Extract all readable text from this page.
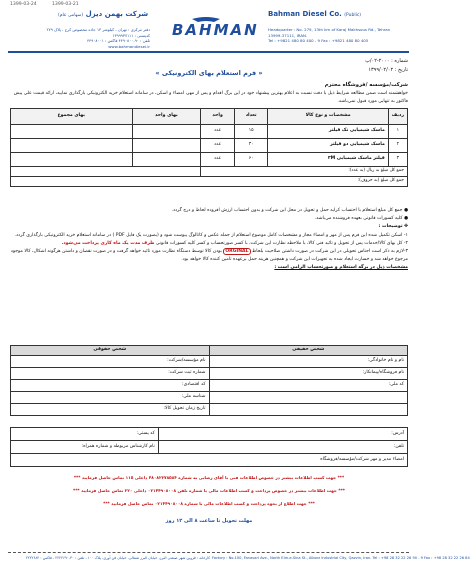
1399-03-24	1399-03-21
شرکت بهمن دیزل (سهامی عام)	Bahman Diesel Co. (Public)
BAHMAN
دفتر مرکزی : تهران ، کیلومتر ۱۳ جاده مخصوص کرج ، پلاک ۲۷۹
کدپستی : ۱۳۹۹۹۳۷۱۱۱
تلفن : ۹۰-۴۴۹۰۸۰۰ فاکس : ۴۴۹۰۸۰۰۱
www.bahmandiesel.ir
Headquarter : No. 279, 13th km of Karaj Makhsous Rd., Tehran
13999-37111, IRAN.
Tel : +9821 480 80 400 - 9 Fax : +9821 480 80 405
شماره : ۲۰۰۰-۰۲/پ
تاریخ : ۱۳۹۹/۰۲/۰۲
« فرم استعلام بهای الکترونیکی »
شرکت/مؤسسه /فروشگاه محترم
خواهشمند است ضمن مطالعه شرایط ذیل با دقت نسبت به اعلام بهترین پیشنهاد خود در این برگ اقدام و پس از مهر، امضاء و اسکن، در سامانه استعلام خرید الکترونیکی بارگذاری نمایید، ارائه قیمت علی پیش فاکتور به تنهایی مورد قبول نمی‌باشد.
ردیف	مشخصات و نوع کالا	تعداد	واحد	بهای واحد	بهای مجموع
۱	ماسک شیمیایی تک فیلتر	۱۵	عدد		
۲	ماسک شیمیایی دو فیلتر	۳۰	عدد		
۳	فیلتر ماسک شیمیایی ۳M	۶۰	عدد		
جمع کل مبلغ به ریال (به عدد):					
جمع کل مبلغ (به حروف):					
● جمع کل مبلغ استعلام با احتساب کرایه حمل و تحویل در محل این شرکت و بدون احتساب ارزش افزوده لحاظ و درج گردد.
● کلیه کسورات قانونی بعهده فروشنده می‌باشد.
✤ توضیحات :
۱- اسکن تکمیل شده این فرم پس از مهر و امضاء مجاز و مشخصات کامل موضوع استعلام از جمله عکس و کاتالوگ پیوست شود و (بصورت یک فایل PDF ) در سامانه استعلام خرید الکترونیکی بارگذاری گردد.
۲- کل بهای کالا/خدمات پس از تحویل و تائید فنی کالا، با ملاحظه نظارت این شرکت، با کسر صورتحساب و کسر کلیه کسورات قانونی ظرف مدت یک ماه کاری پرداخت می‌شود.
۳-لازم به ذکر است اجناس تحویلی در این شرکت در صورت داشتن صلاحیت بلحاظ ORGINAL بودن کالا توسط دستگاه نظارت مورد تائید خواهد گرفت و در صورت نقصان و داشتن هرگونه اشکال، کالا موجود مرجوع خواهد شد و خسارت ایجاد شده به تجهیزات این شرکت و همچنین هزینه حمل برعهده تامین کننده کالا خواهد بود.
مشخصات ذیل در برگه استعلام و صورتحساب الزامی است :
شخص حقیقی	شخص حقوقی
نام و نام خانوادگی:	نام مؤسسه/شرکت:
نام فروشگاه/پیمانکار:	شماره ثبت شرکت:
کد ملی:	کد اقتصادی:
	شناسه ملی:
	تاریخ زمان تحویل کالا:
آدرس:	کد پستی:
تلفن:	نام کارشناس مربوطه و شماره همراه:
امضاء مدیر و مهر شرکت/مؤسسه/فروشگاه	
*** جهت کسب اطلاعات بیشتر در خصوص اطلاعات فنی با آقای رضایی به شماره ۴۸۰۸۲۳۷۸۵۸۴ داخلی ۱۱۵ تماس حاصل فرمایید ***
*** جهت اطلاعات بیشتر در خصوص پرداخت و کسب اطلاعات مالی با شماره تلفن ۰۲۱۴۴۹۰۸۰۰۸ داخلی ۲۲۰ تماس حاصل فرمایید ***
*** جهت اطلاع از نحوه پرداخت و کسب اطلاعات مالی با شماره ۰۲۱۴۴۹۰۸۰۰۸ تماس حاصل فرمایید ***
مهلت تحویل تا ساعت ۸ الی ۱۲ روز
کارخانه : قزوین شهر صنعتی البرز، خیابان البرز شمالی، خیابان فن آوری، پلاک ۱۰۰ ، تلفن : ۳۰-۲۲۲۲۶۹۰ ، فاکس : ۲۲۲۲۶۸۴ Factory : No.100, Fanavari Ave., North Elm-e-Sina St., Alborz Industrial City, Qazvin, Iran. Tel : +98 28 32 22 26 90 - 9 Fax : +98 28 32 22 26 84
